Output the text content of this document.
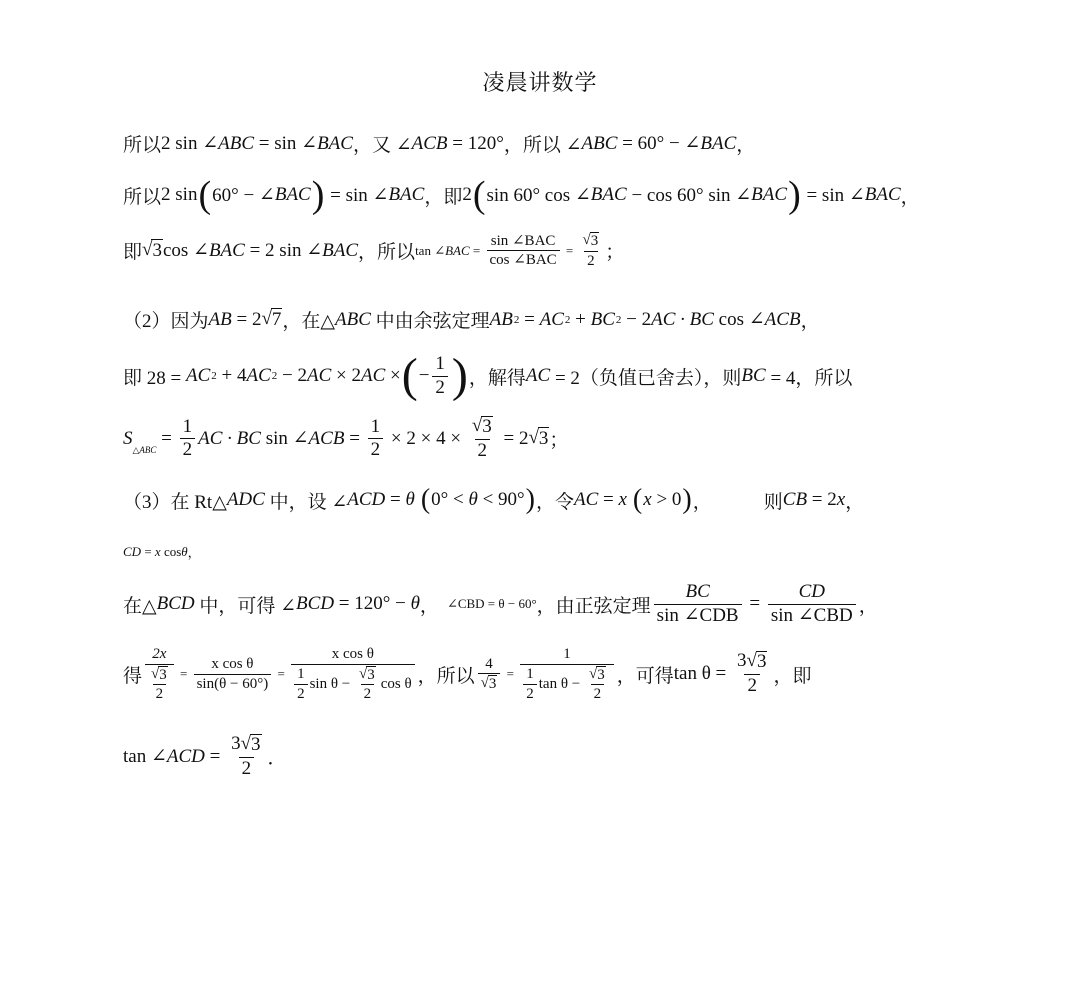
凌晨讲数学
所以 2 sin ∠ ABC = sin ∠ BAC ，又 ∠ ACB = 120° ，所以 ∠ ABC = 60° − ∠ BAC ，
所以 2 sin ( 60° − ∠ BAC ) = sin ∠ BAC ，即 2 ( sin 60° cos ∠ BAC − cos 60° sin ∠ BAC ) = sin ∠ BAC ，
即 √ 3 cos ∠ BAC = 2 sin ∠ BAC ，所以 tan ∠ BAC = $\frac{\text{sin ∠BAC}}{\text{cos ∠BAC}} = \frac{√ 3}{2}$ ；
（2）因为 AB = 2 √ 7 ，在△ ABC 中由余弦定理 AB 2 = AC 2 + BC 2 − 2 AC · BC cos ∠ ACB ，
即 28 = AC 2 + 4 AC 2 − 2 AC × 2 AC × ( − $\frac{1}{2}$ ) ，解得 AC = 2（负值已舍去），则 BC = 4，所以
S
△ABC
= $\frac{1}{2}$ AC · BC sin ∠ ACB = $\frac{1}{2} \times 2 \times 4 \times \frac{√ 3}{2} = 2$ √ 3 ；
（3）在 Rt△ ADC 中，设 ∠ ACD = θ ( 0° < θ < 90° ) ，令 AC = x ( x > 0 ) ，	则 CB = 2 x ，
CD = x cos θ ，
在△ BCD 中，可得 ∠ BCD = 120° − θ ， ∠CBD = θ − 60° ，由正弦定理 $\frac{BC}{\text{sin ∠CDB}} = \frac{CD}{\text{sin ∠CBD}}$ ，
得 $\frac{2x}{\frac{√ 3}{2}} = \frac{\text{x cos θ}}{\sin(\theta - 60^\circ)}$ =
x cos θ
$\frac{1}{2}$ $\sin \theta - \frac{√ 3}{2}$ cos θ ，所以 $\frac{4}{√ 3}$ =
1
$\frac{1}{2}$ $\tan \theta - \frac{√ 3}{2}$ ，可得 $\tan \theta = \frac{3 √ 3}{2}$ ，即
tan ∠ ACD = $\frac{3 √ 3}{2}$ ．
